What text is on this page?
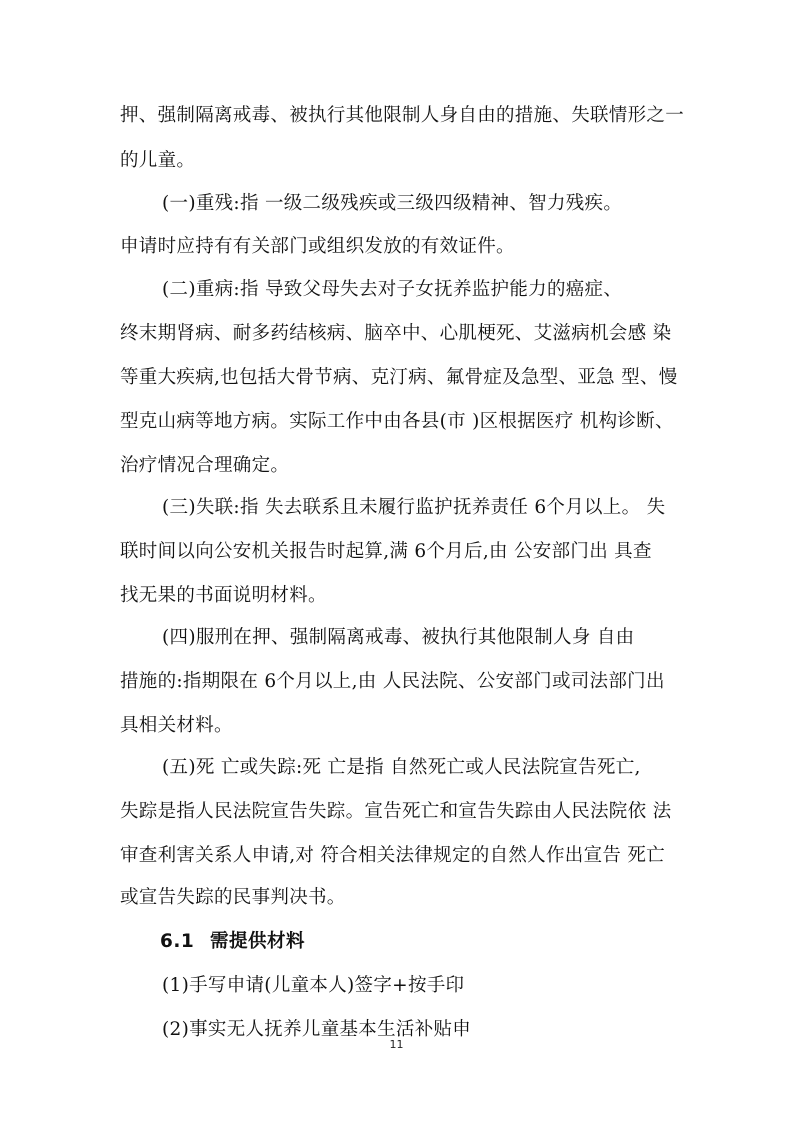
押、强制隔离戒毒、被执行其他限制人身自由的措施、失联情形之一
的儿童。
(一)重残:指 一级二级残疾或三级四级精神、智力残疾。
申请时应持有有关部门或组织发放的有效证件。
(二)重病:指 导致父母失去对子女抚养监护能力的癌症、
终末期肾病、耐多药结核病、脑卒中、心肌梗死、艾滋病机会感 染
等重大疾病,也包括大骨节病、克汀病、氟骨症及急型、亚急 型、慢
型克山病等地方病。实际工作中由各县(市 )区根据医疗 机构诊断、
治疗情况合理确定。
(三)失联:指 失去联系且未履行监护抚养责任 6个月以上。 失
联时间以向公安机关报告时起算,满 6个月后,由 公安部门出 具查
找无果的书面说明材料。
(四)服刑在押、强制隔离戒毒、被执行其他限制人身 自由
措施的:指期限在 6个月以上,由 人民法院、公安部门或司法部门出
具相关材料。
(五)死 亡或失踪:死 亡是指 自然死亡或人民法院宣告死亡,
失踪是指人民法院宣告失踪。宣告死亡和宣告失踪由人民法院依 法
审查利害关系人申请,对 符合相关法律规定的自然人作出宣告 死亡
或宣告失踪的民事判决书。
6.1 需提供材料
(1)手写申请(儿童本人)签字+按手印
(2)事实无人抚养儿童基本生活补贴申
11
